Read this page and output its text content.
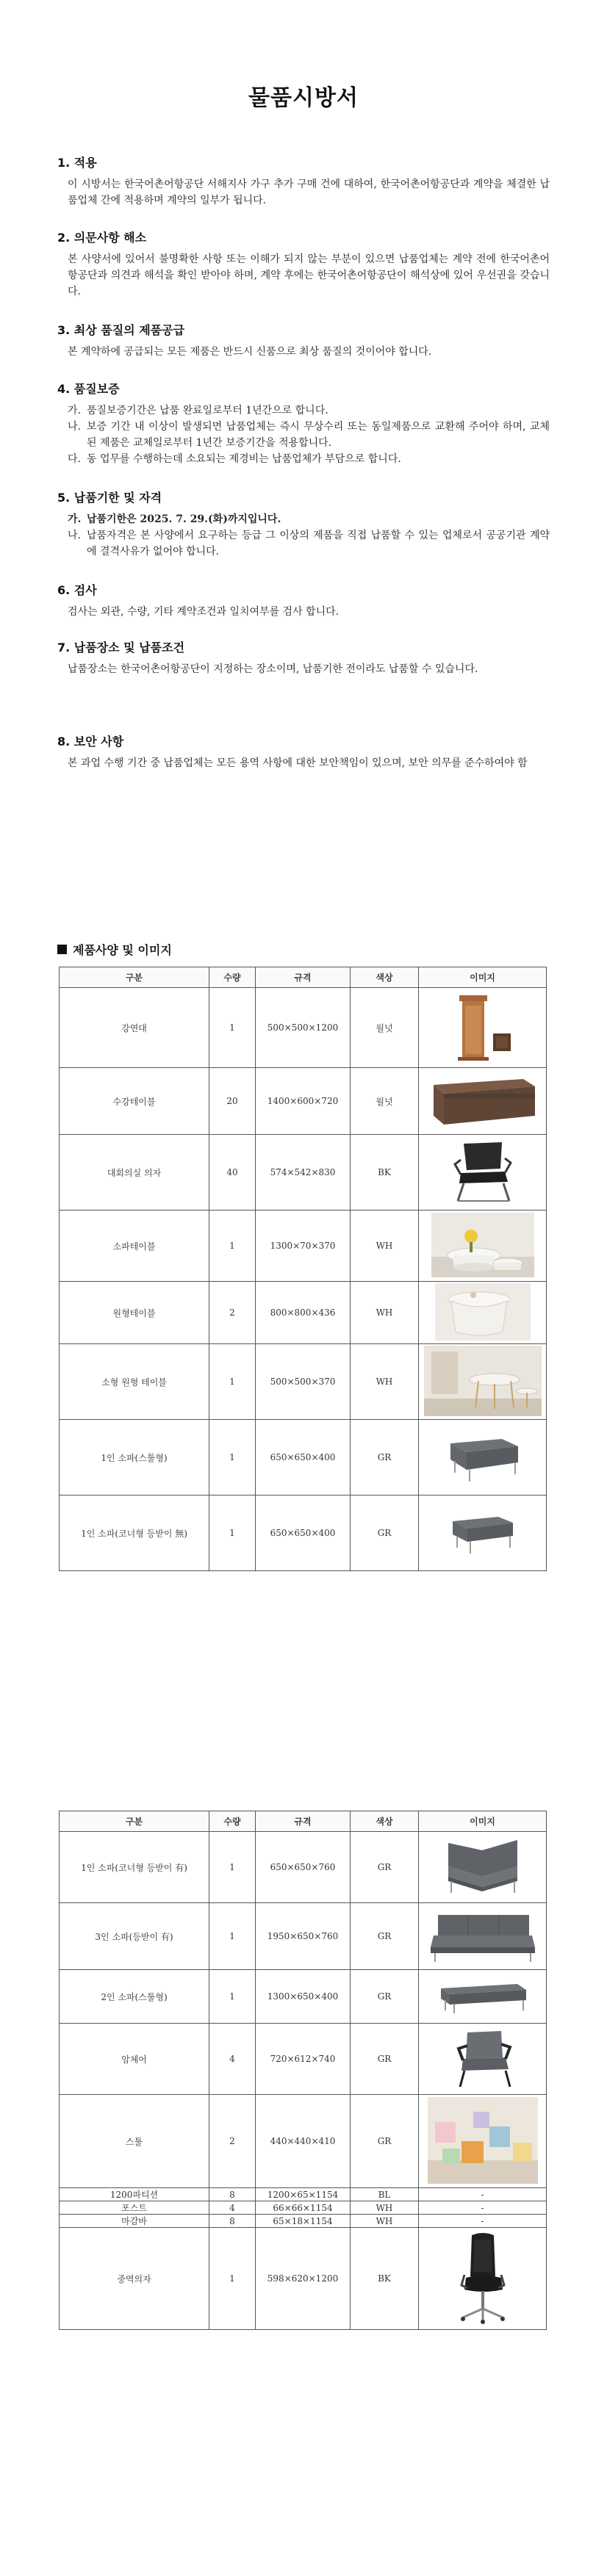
물품시방서
1. 적용
이 시방서는 한국어촌어항공단 서해지사 가구 추가 구매 건에 대하여, 한국어촌어항공단과 계약을 체결한 납품업체 간에 적용하며 계약의 일부가 됩니다.
2. 의문사항 해소
본 사양서에 있어서 불명확한 사항 또는 이해가 되지 않는 부분이 있으면 납품업체는 계약 전에 한국어촌어항공단과 의견과 해석을 확인 받아야 하며, 계약 후에는 한국어촌어항공단이 해석상에 있어 우선권을 갖습니다.
3. 최상 품질의 제품공급
본 계약하에 공급되는 모든 제품은 반드시 신품으로 최상 품질의 것이어야 합니다.
4. 품질보증
가. 품질보증기간은 납품 완료일로부터 1년간으로 합니다.
나. 보증 기간 내 이상이 발생되면 납품업체는 즉시 무상수리 또는 동일제품으로 교환해 주어야 하며, 교체된 제품은 교체일로부터 1년간 보증기간을 적용합니다.
다. 동 업무를 수행하는데 소요되는 제경비는 납품업체가 부담으로 합니다.
5. 납품기한 및 자격
가. 납품기한은 2025. 7. 29.(화)까지입니다.
나. 납품자격은 본 사양에서 요구하는 등급 그 이상의 제품을 직접 납품할 수 있는 업체로서 공공기관 계약에 결격사유가 없어야 합니다.
6. 검사
검사는 외관, 수량, 기타 계약조건과 일치여부를 검사 합니다.
7. 납품장소 및 납품조건
납품장소는 한국어촌어항공단이 지정하는 장소이며, 납품기한 전이라도 납품할 수 있습니다.
8. 보안 사항
본 과업 수행 기간 중 납품업체는 모든 용역 사항에 대한 보안책임이 있으며, 보안 의무를 준수하여야 함
제품사양 및 이미지
구분	수량	규격	색상	이미지
강연대	1	500×500×1200	월넛	
수강테이블	20	1400×600×720	월넛	
대회의실 의자	40	574×542×830	BK	
소파테이블	1	1300×70×370	WH	
원형테이블	2	800×800×436	WH	
소형 원형 테이블	1	500×500×370	WH	
1인 소파(스툴형)	1	650×650×400	GR	
1인 소파(코너형 등받이 無)	1	650×650×400	GR	
구분	수량	규격	색상	이미지
1인 소파(코너형 등받이 有)	1	650×650×760	GR	
3인 소파(등받이 有)	1	1950×650×760	GR	
2인 소파(스툴형)	1	1300×650×400	GR	
암체어	4	720×612×740	GR	
스툴	2	440×440×410	GR	
1200파티션	8	1200×65×1154	BL	-
포스트	4	66×66×1154	WH	-
마감바	8	65×18×1154	WH	-
중역의자	1	598×620×1200	BK	
